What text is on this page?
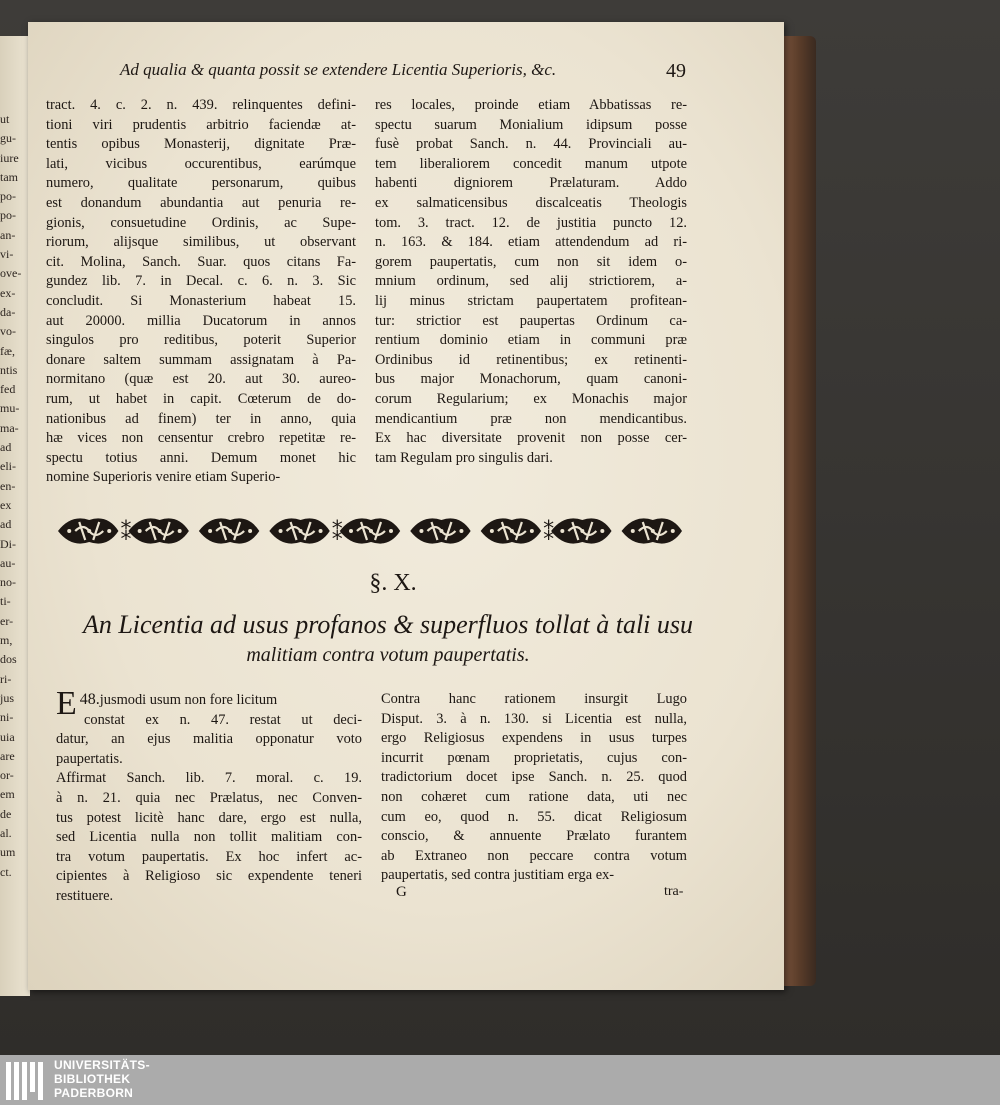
ut
gu-
iure
tam
po-
po-
an-
vi-
ove-
ex-
da-
vo-
fæ,
ntis
fed
mu-
ma-
ad
eli-
en-
ex
ad
Di-
au-
no-
ti-
er-
m,
dos
ri-
jus
ni-
uia
are
or-
em
de
al.
um
ct.
Ad qualia & quanta possit se extendere Licentia Superioris, &c.	49
tract. 4. c. 2. n. 439. relinquentes defini-
tioni viri prudentis arbitrio faciendæ at-
tentis opibus Monasterij, dignitate Præ-
lati, vicibus occurentibus, earúmque
numero, qualitate personarum, quibus
est donandum abundantia aut penuria re-
gionis, consuetudine Ordinis, ac Supe-
riorum, alijsque similibus, ut observant
cit. Molina, Sanch. Suar. quos citans Fa-
gundez lib. 7. in Decal. c. 6. n. 3. Sic
concludit. Si Monasterium habeat 15.
aut 20000. millia Ducatorum in annos
singulos pro reditibus, poterit Superior
donare saltem summam assignatam à Pa-
normitano (quæ est 20. aut 30. aureo-
rum, ut habet in capit. Cœterum de do-
nationibus ad finem) ter in anno, quia
hæ vices non censentur crebro repetitæ re-
spectu totius anni. Demum monet hic
nomine Superioris venire etiam Superio-
res locales, proinde etiam Abbatissas re-
spectu suarum Monialium idipsum posse
fusè probat Sanch. n. 44. Provinciali au-
tem liberaliorem concedit manum utpote
habenti digniorem Prælaturam. Addo
ex salmaticensibus discalceatis Theologis
tom. 3. tract. 12. de justitia puncto 12.
n. 163. & 184. etiam attendendum ad ri-
gorem paupertatis, cum non sit idem o-
mnium ordinum, sed alij strictiorem, a-
lij minus strictam paupertatem profitean-
tur: strictior est paupertas Ordinum ca-
rentium dominio etiam in communi præ
Ordinibus id retinentibus; ex retinenti-
bus major Monachorum, quam canoni-
corum Regularium; ex Monachis major
mendicantium præ non mendicantibus.
Ex hac diversitate provenit non posse cer-
tam Regulam pro singulis dari.
⁑	⁑	⁑
§. X.
An Licentia ad usus profanos & superfluos tollat à tali usu
malitiam contra votum paupertatis.
48.
E jusmodi usum non fore licitum
constat ex n. 47. restat ut deci-
datur, an ejus malitia opponatur voto
paupertatis.
Affirmat Sanch. lib. 7. moral. c. 19.
à n. 21. quia nec Prælatus, nec Conven-
tus potest licitè hanc dare, ergo est nulla,
sed Licentia nulla non tollit malitiam con-
tra votum paupertatis. Ex hoc infert ac-
cipientes à Religioso sic expendente teneri
restituere.
Contra hanc rationem insurgit Lugo
Disput. 3. à n. 130. si Licentia est nulla,
ergo Religiosus expendens in usus turpes
incurrit pœnam proprietatis, cujus con-
tradictorium docet ipse Sanch. n. 25. quod
non cohæret cum ratione data, uti nec
cum eo, quod n. 55. dicat Religiosum
conscio, & annuente Prælato furantem
ab Extraneo non peccare contra votum
paupertatis, sed contra justitiam erga ex-
G	tra-
UNIVERSITÄTS-
BIBLIOTHEK
PADERBORN
